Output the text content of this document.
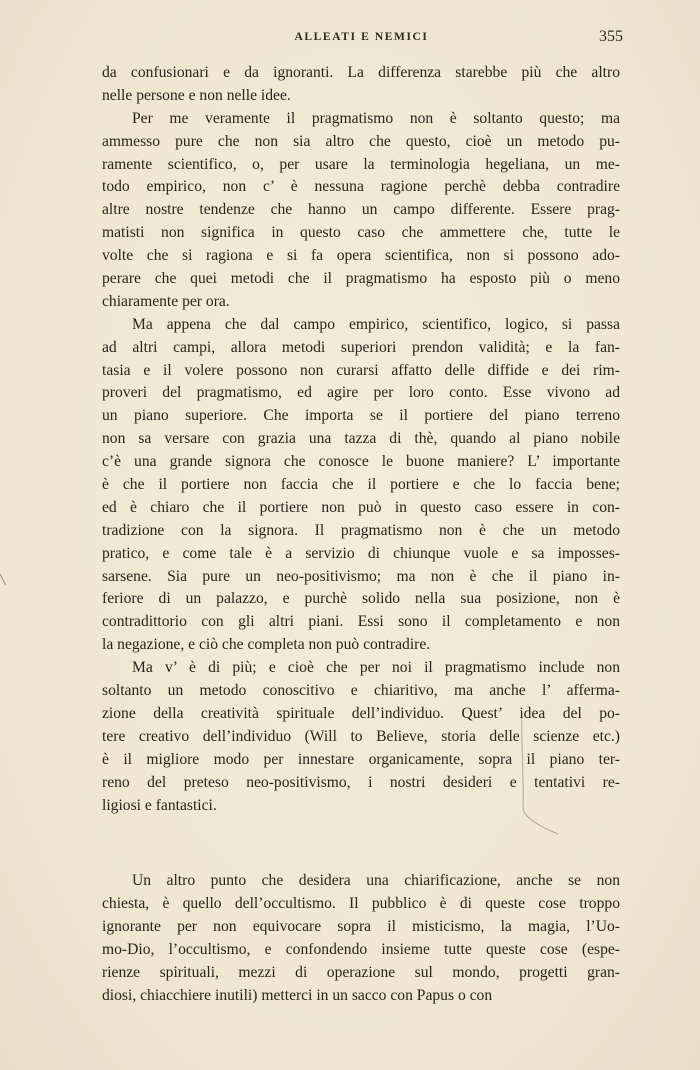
ALLEATI E NEMICI	355
da confusionari e da ignoranti. La differenza starebbe più che altro
nelle persone e non nelle idee.
Per me veramente il pragmatismo non è soltanto questo; ma
ammesso pure che non sia altro che questo, cioè un metodo pu-
ramente scientifico, o, per usare la terminologia hegeliana, un me-
todo empirico, non c’ è nessuna ragione perchè debba contradire
altre nostre tendenze che hanno un campo differente. Essere prag-
matisti non significa in questo caso che ammettere che, tutte le
volte che si ragiona e si fa opera scientifica, non si possono ado-
perare che quei metodi che il pragmatismo ha esposto più o meno
chiaramente per ora.
Ma appena che dal campo empirico, scientifico, logico, si passa
ad altri campi, allora metodi superiori prendon validità; e la fan-
tasia e il volere possono non curarsi affatto delle diffide e dei rim-
proveri del pragmatismo, ed agire per loro conto. Esse vivono ad
un piano superiore. Che importa se il portiere del piano terreno
non sa versare con grazia una tazza di thè, quando al piano nobile
c’è una grande signora che conosce le buone maniere? L’ importante
è che il portiere non faccia che il portiere e che lo faccia bene;
ed è chiaro che il portiere non può in questo caso essere in con-
tradizione con la signora. Il pragmatismo non è che un metodo
pratico, e come tale è a servizio di chiunque vuole e sa imposses-
sarsene. Sia pure un neo-positivismo; ma non è che il piano in-
feriore di un palazzo, e purchè solido nella sua posizione, non è
contradittorio con gli altri piani. Essi sono il completamento e non
la negazione, e ciò che completa non può contradire.
Ma v’ è di più; e cioè che per noi il pragmatismo include non
soltanto un metodo conoscitivo e chiaritivo, ma anche l’ afferma-
zione della creatività spirituale dell’individuo. Quest’ idea del po-
tere creativo dell’individuo (Will to Believe, storia delle scienze etc.)
è il migliore modo per innestare organicamente, sopra il piano ter-
reno del preteso neo-positivismo, i nostri desideri e tentativi re-
ligiosi e fantastici.
Un altro punto che desidera una chiarificazione, anche se non
chiesta, è quello dell’occultismo. Il pubblico è di queste cose troppo
ignorante per non equivocare sopra il misticismo, la magia, l’Uo-
mo-Dio, l’occultismo, e confondendo insieme tutte queste cose (espe-
rienze spirituali, mezzi di operazione sul mondo, progetti gran-
diosi, chiacchiere inutili) metterci in un sacco con Papus o con
